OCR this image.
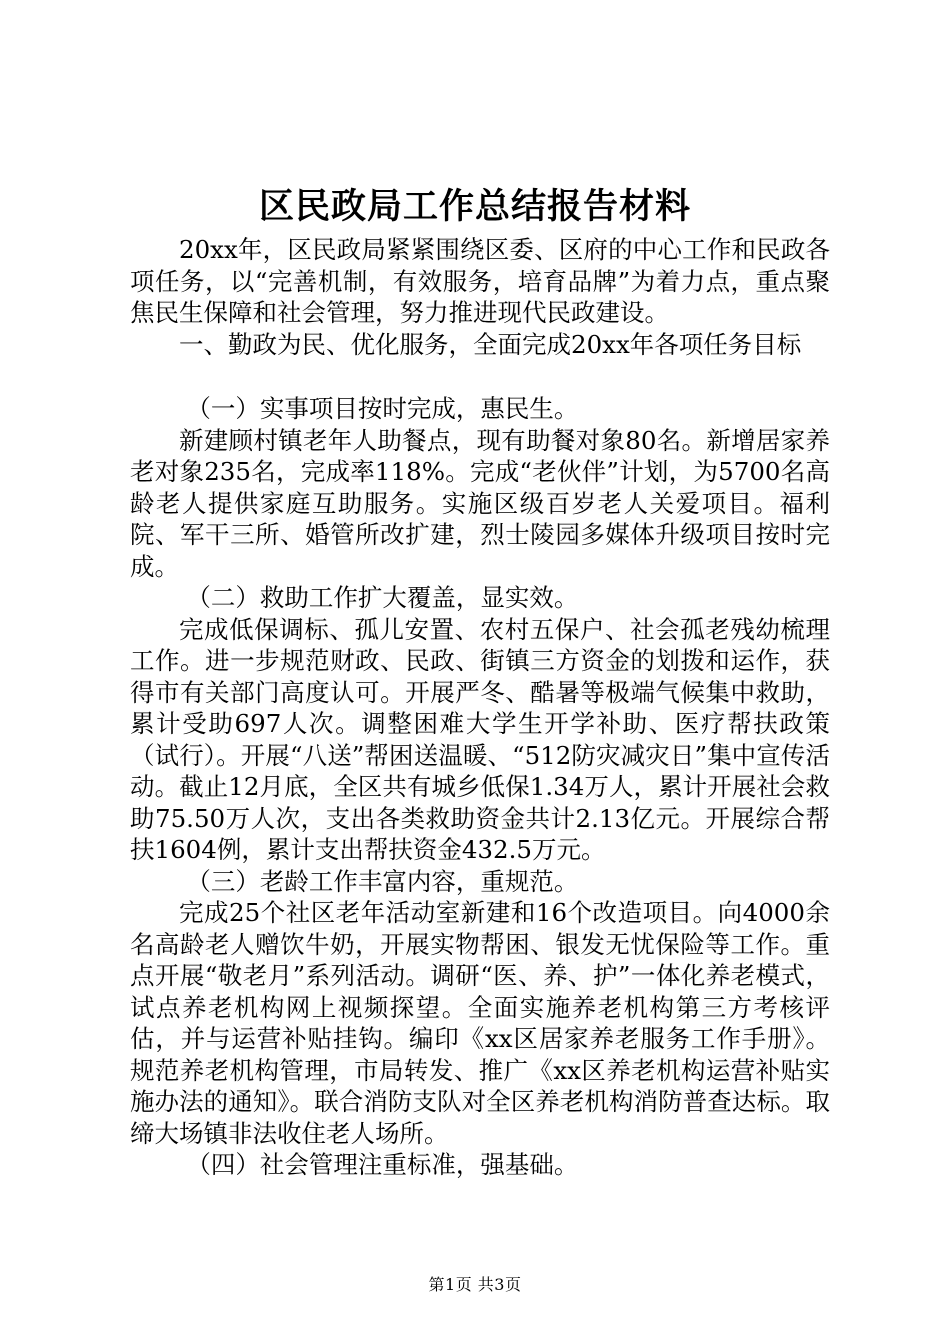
区民政局工作总结报告材料

20xx年，区民政局紧紧围绕区委、区府的中心工作和民政各项任务，以“完善机制，有效服务，培育品牌”为着力点，重点聚焦民生保障和社会管理，努力推进现代民政建设。

一、勤政为民、优化服务，全面完成20xx年各项任务目标

（一）实事项目按时完成，惠民生。

新建顾村镇老年人助餐点，现有助餐对象80名。新增居家养老对象235名，完成率118%。完成“老伙伴”计划，为5700名高龄老人提供家庭互助服务。实施区级百岁老人关爱项目。福利院、军干三所、婚管所改扩建，烈士陵园多媒体升级项目按时完成。

（二）救助工作扩大覆盖，显实效。

完成低保调标、孤儿安置、农村五保户、社会孤老残幼梳理工作。进一步规范财政、民政、街镇三方资金的划拨和运作，获得市有关部门高度认可。开展严冬、酷暑等极端气候集中救助，累计受助697人次。调整困难大学生开学补助、医疗帮扶政策（试行）。开展“八送”帮困送温暖、“512防灾减灾日”集中宣传活动。截止12月底，全区共有城乡低保1.34万人，累计开展社会救助75.50万人次，支出各类救助资金共计2.13亿元。开展综合帮扶1604例，累计支出帮扶资金432.5万元。

（三）老龄工作丰富内容，重规范。

完成25个社区老年活动室新建和16个改造项目。向4000余名高龄老人赠饮牛奶，开展实物帮困、银发无忧保险等工作。重点开展“敬老月”系列活动。调研“医、养、护”一体化养老模式，试点养老机构网上视频探望。全面实施养老机构第三方考核评估，并与运营补贴挂钩。编印《xx区居家养老服务工作手册》。规范养老机构管理，市局转发、推广《xx区养老机构运营补贴实施办法的通知》。联合消防支队对全区养老机构消防普查达标。取缔大场镇非法收住老人场所。

（四）社会管理注重标准，强基础。

第1页 共3页
